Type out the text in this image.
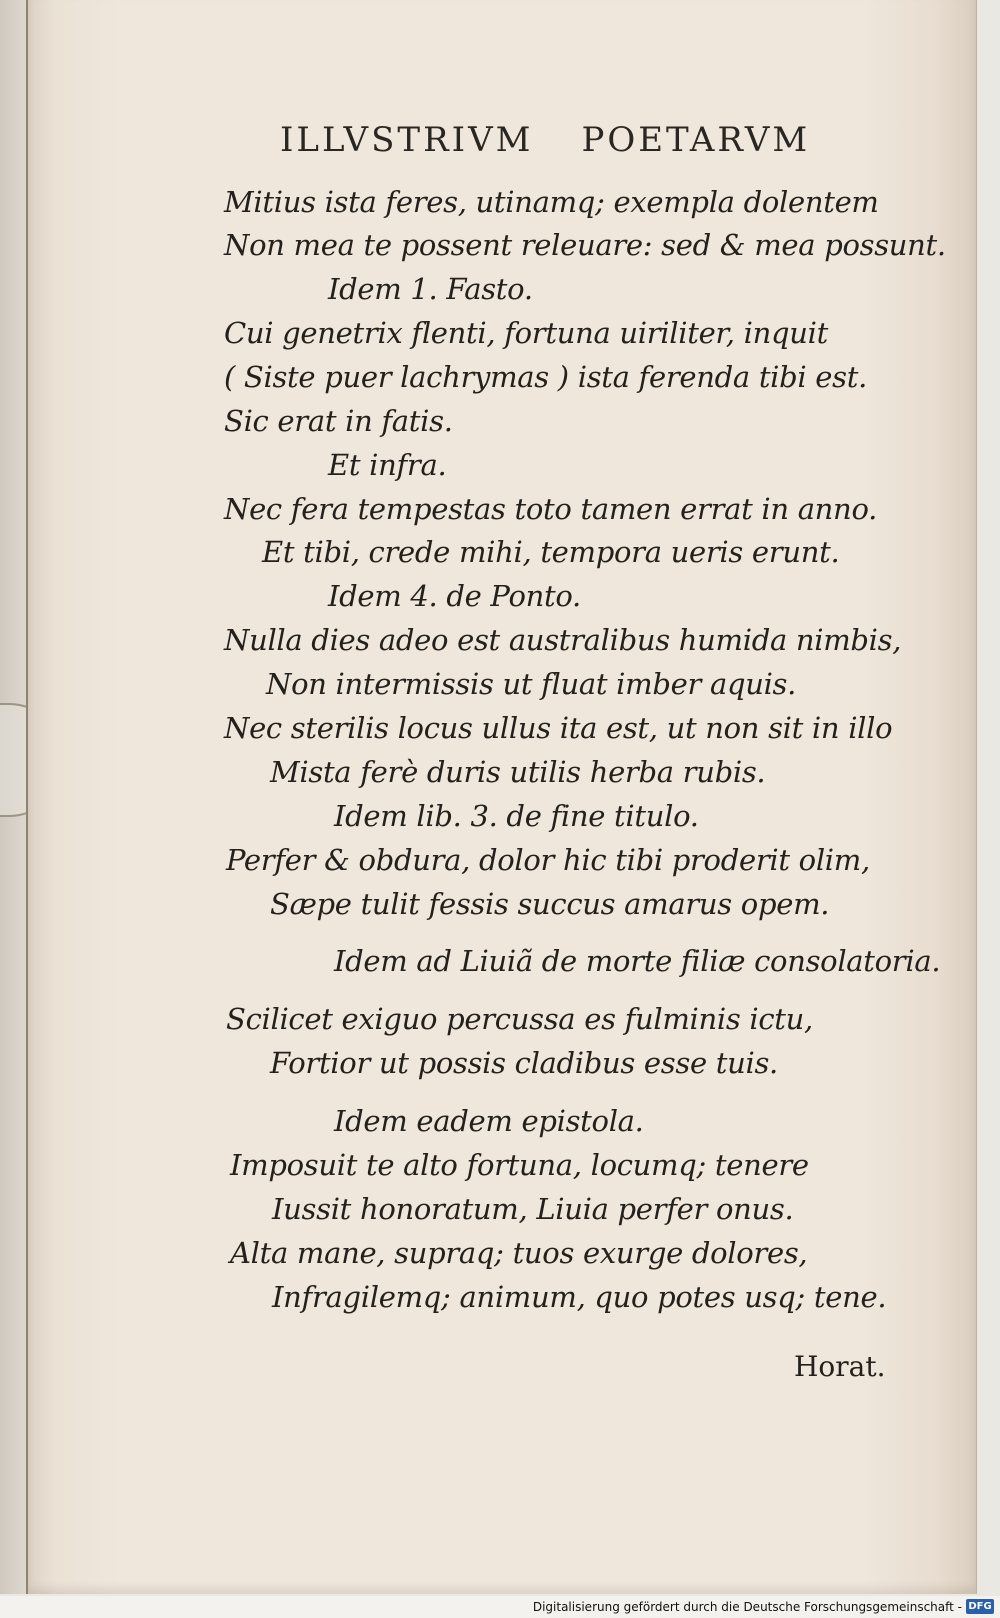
ILLVSTRIVM POETARVM
Mitius ista feres, utinamq; exempla dolentem
Non mea te possent releuare: sed & mea possunt.
Idem 1. Fasto.
Cui genetrix flenti, fortuna uiriliter, inquit
( Siste puer lachrymas ) ista ferenda tibi est.
Sic erat in fatis.
Et infra.
Nec fera tempestas toto tamen errat in anno.
Et tibi, crede mihi, tempora ueris erunt.
Idem 4. de Ponto.
Nulla dies adeo est australibus humida nimbis,
Non intermissis ut fluat imber aquis.
Nec sterilis locus ullus ita est, ut non sit in illo
Mista ferè duris utilis herba rubis.
Idem lib. 3. de fine titulo.
Perfer & obdura, dolor hic tibi proderit olim,
Sæpe tulit fessis succus amarus opem.
Idem ad Liuiã de morte filiæ consolatoria.
Scilicet exiguo percussa es fulminis ictu,
Fortior ut possis cladibus esse tuis.
Idem eadem epistola.
Imposuit te alto fortuna, locumq; tenere
Iussit honoratum, Liuia perfer onus.
Alta mane, supraq; tuos exurge dolores,
Infragilemq; animum, quo potes usq; tene.
Horat.
Digitalisierung gefördert durch die Deutsche Forschungsgemeinschaft - DFG
